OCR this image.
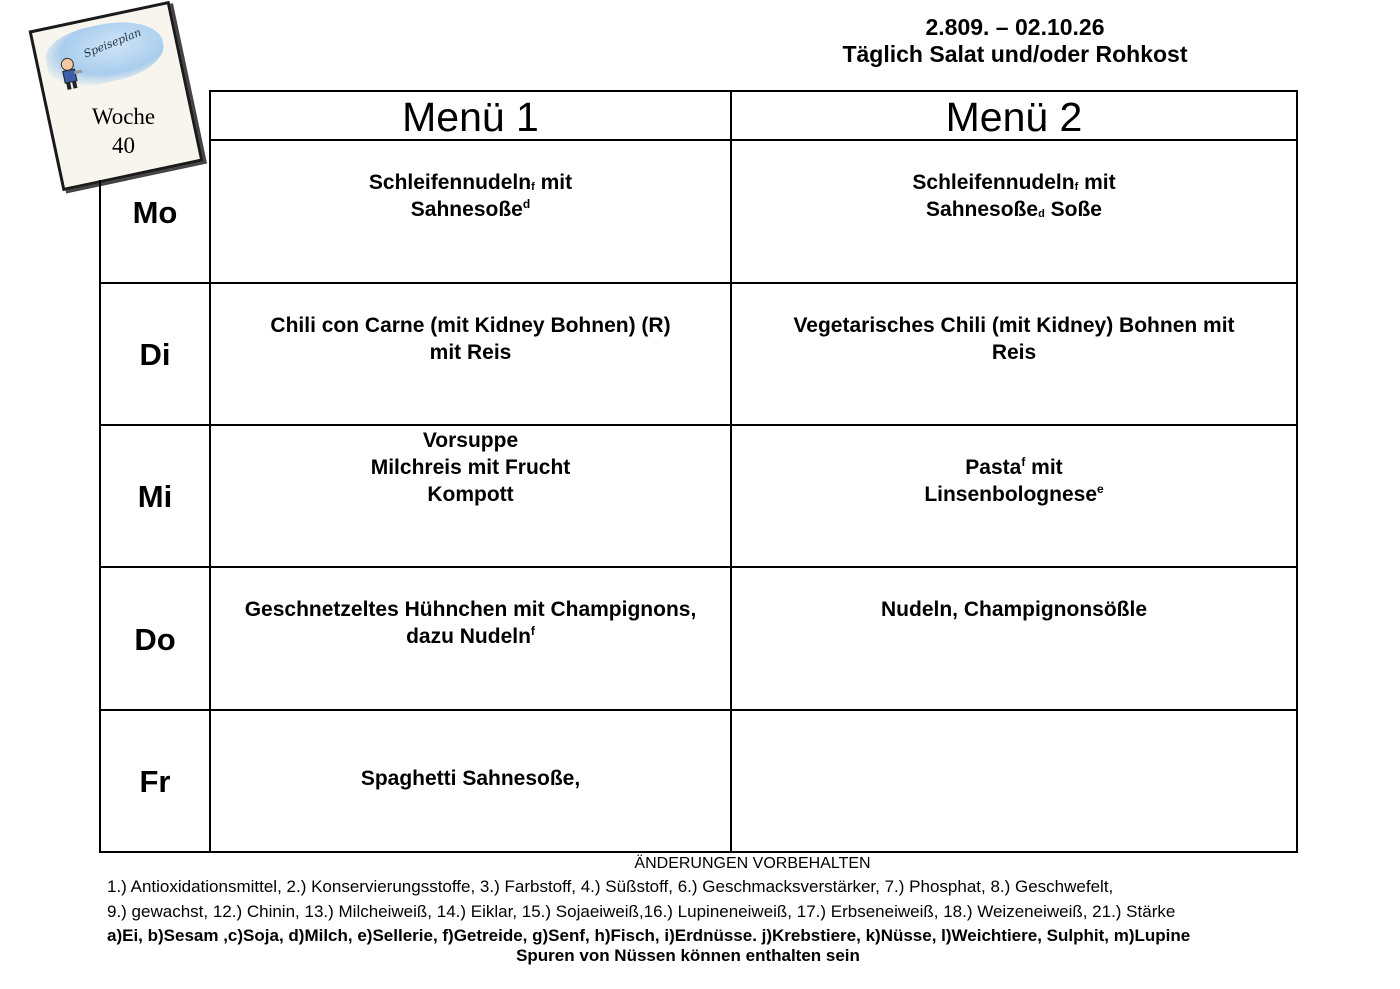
2.809. – 02.10.26
Täglich Salat und/oder Rohkost
Speiseplan
Woche
40
Menü 1	Menü 2
Mo
Di
Mi
Do
Fr
Schleifennudeln$_f$ mit
Sahnesoße$^d$
Schleifennudeln$_f$ mit
Sahnesoße$_d$ Soße
Chili con Carne (mit Kidney Bohnen) (R)
mit Reis
Vegetarisches Chili (mit Kidney) Bohnen mit
Reis
Vorsuppe
Milchreis mit Frucht
Kompott
Pasta$^f$ mit
Linsenbolognese$^e$
Geschnetzeltes Hühnchen mit Champignons,
dazu Nudeln$^f$
Nudeln, Champignonsößle
Spaghetti Sahnesoße,
ÄNDERUNGEN VORBEHALTEN
1.) Antioxidationsmittel, 2.) Konservierungsstoffe, 3.) Farbstoff, 4.) Süßstoff, 6.) Geschmacksverstärker, 7.) Phosphat, 8.) Geschwefelt,
9.) gewachst, 12.) Chinin, 13.) Milcheiweiß, 14.) Eiklar, 15.) Sojaeiweiß,16.) Lupineneiweiß, 17.) Erbseneiweiß, 18.) Weizeneiweiß, 21.) Stärke
a)Ei, b)Sesam ,c)Soja, d)Milch, e)Sellerie, f)Getreide, g)Senf, h)Fisch, i)Erdnüsse. j)Krebstiere, k)Nüsse, l)Weichtiere, Sulphit, m)Lupine
Spuren von Nüssen können enthalten sein
